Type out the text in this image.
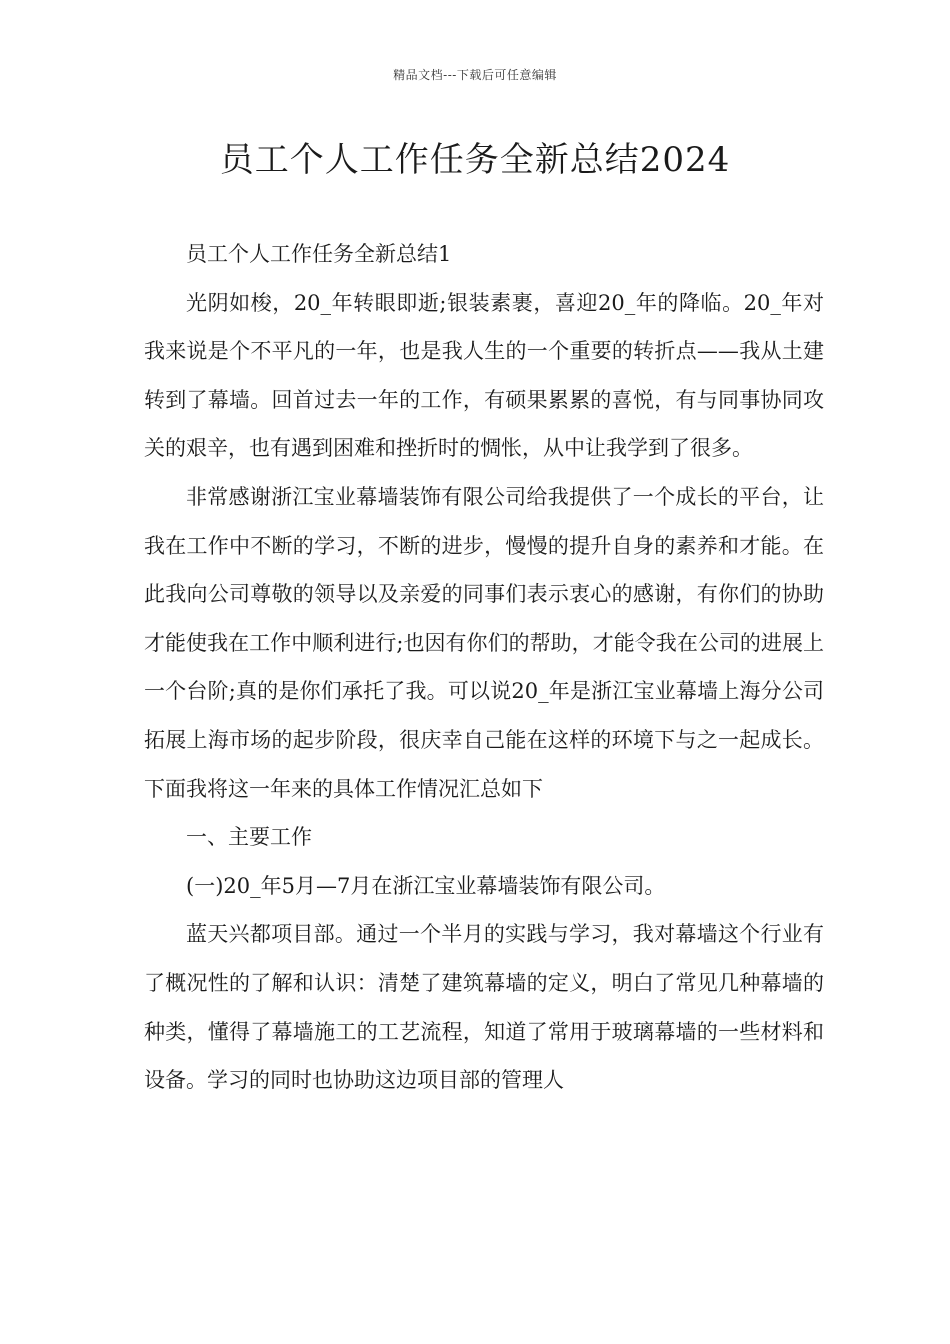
精品文档---下载后可任意编辑
员工个人工作任务全新总结2024

员工个人工作任务全新总结1

光阴如梭，20_年转眼即逝;银装素裹，喜迎20_年的降临。20_年对我来说是个不平凡的一年，也是我人生的一个重要的转折点——我从土建转到了幕墙。回首过去一年的工作，有硕果累累的喜悦，有与同事协同攻关的艰辛，也有遇到困难和挫折时的惆怅，从中让我学到了很多。

非常感谢浙江宝业幕墙装饰有限公司给我提供了一个成长的平台，让我在工作中不断的学习，不断的进步，慢慢的提升自身的素养和才能。在此我向公司尊敬的领导以及亲爱的同事们表示衷心的感谢，有你们的协助才能使我在工作中顺利进行;也因有你们的帮助，才能令我在公司的进展上一个台阶;真的是你们承托了我。可以说20_年是浙江宝业幕墙上海分公司拓展上海市场的起步阶段，很庆幸自己能在这样的环境下与之一起成长。下面我将这一年来的具体工作情况汇总如下

一、主要工作

(一)20_年5月—7月在浙江宝业幕墙装饰有限公司。

蓝天兴都项目部。通过一个半月的实践与学习，我对幕墙这个行业有了概况性的了解和认识：清楚了建筑幕墙的定义，明白了常见几种幕墙的种类，懂得了幕墙施工的工艺流程，知道了常用于玻璃幕墙的一些材料和设备。学习的同时也协助这边项目部的管理人
